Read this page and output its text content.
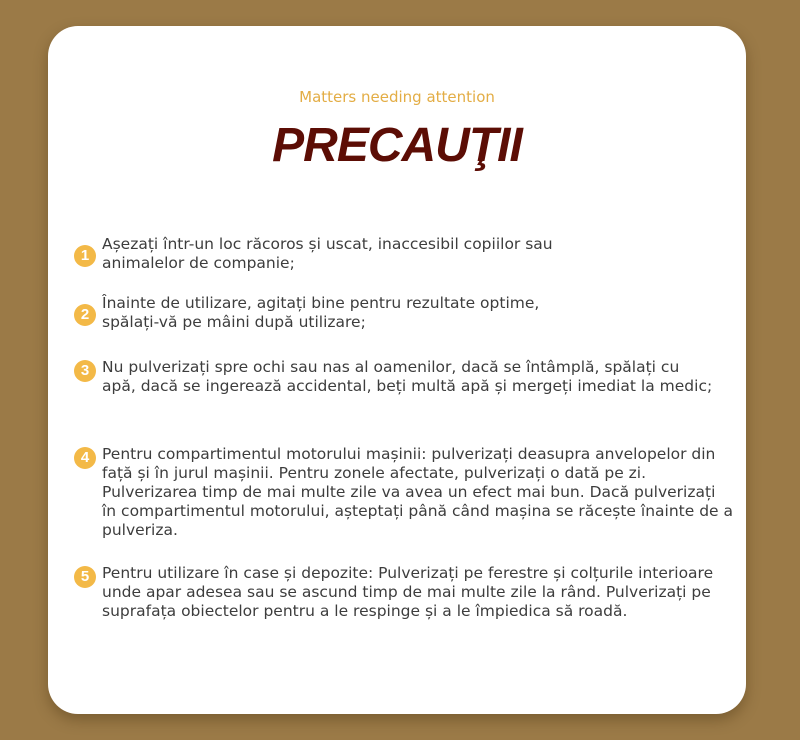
Matters needing attention
PRECAUŢII
1

Așezați într-un loc răcoros și uscat, inaccesibil copiilor sau animalelor de companie;

2

Înainte de utilizare, agitați bine pentru rezultate optime, spălați-vă pe mâini după utilizare;

3 Nu pulverizați spre ochi sau nas al oamenilor, dacă se întâmplă, spălați cu apă, dacă se ingerează accidental, beți multă apă și mergeți imediat la medic;

4 Pentru compartimentul motorului mașinii: pulverizați deasupra anvelopelor din față și în jurul mașinii. Pentru zonele afectate, pulverizați o dată pe zi. Pulverizarea timp de mai multe zile va avea un efect mai bun. Dacă pulverizați în compartimentul motorului, așteptați până când mașina se răcește înainte de a pulveriza.

5 Pentru utilizare în case și depozite: Pulverizați pe ferestre și colțurile interioare unde apar adesea sau se ascund timp de mai multe zile la rând. Pulverizați pe suprafața obiectelor pentru a le respinge și a le împiedica să roadă.
